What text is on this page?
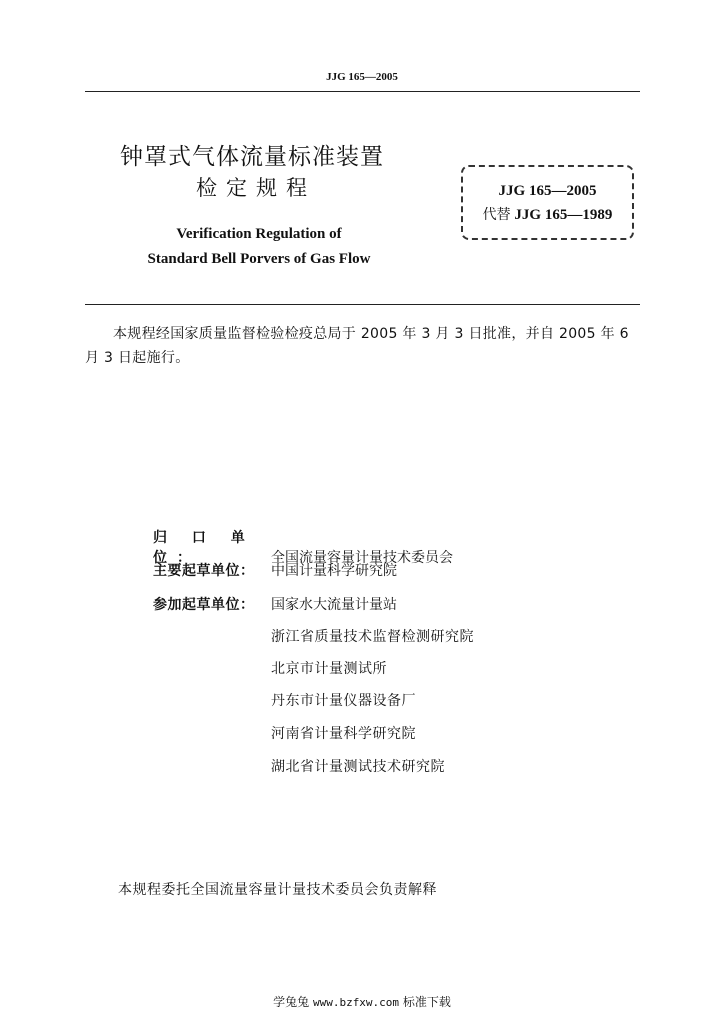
JJG 165—2005
钟罩式气体流量标准装置
检定规程
Verification Regulation of
Standard Bell Porvers of Gas Flow
JJG 165—2005
代替 JJG 165—1989
本规程经国家质量监督检验检疫总局于 2005 年 3 月 3 日批准，并自 2005 年 6 月 3 日起施行。
归 口 单 位：	全国流量容量计量技术委员会
主要起草单位： 中国计量科学研究院
参加起草单位： 国家水大流量计量站
浙江省质量技术监督检测研究院
北京市计量测试所
丹东市计量仪器设备厂
河南省计量科学研究院
湖北省计量测试技术研究院
本规程委托全国流量容量计量技术委员会负责解释
学兔兔 www.bzfxw.com 标准下载
